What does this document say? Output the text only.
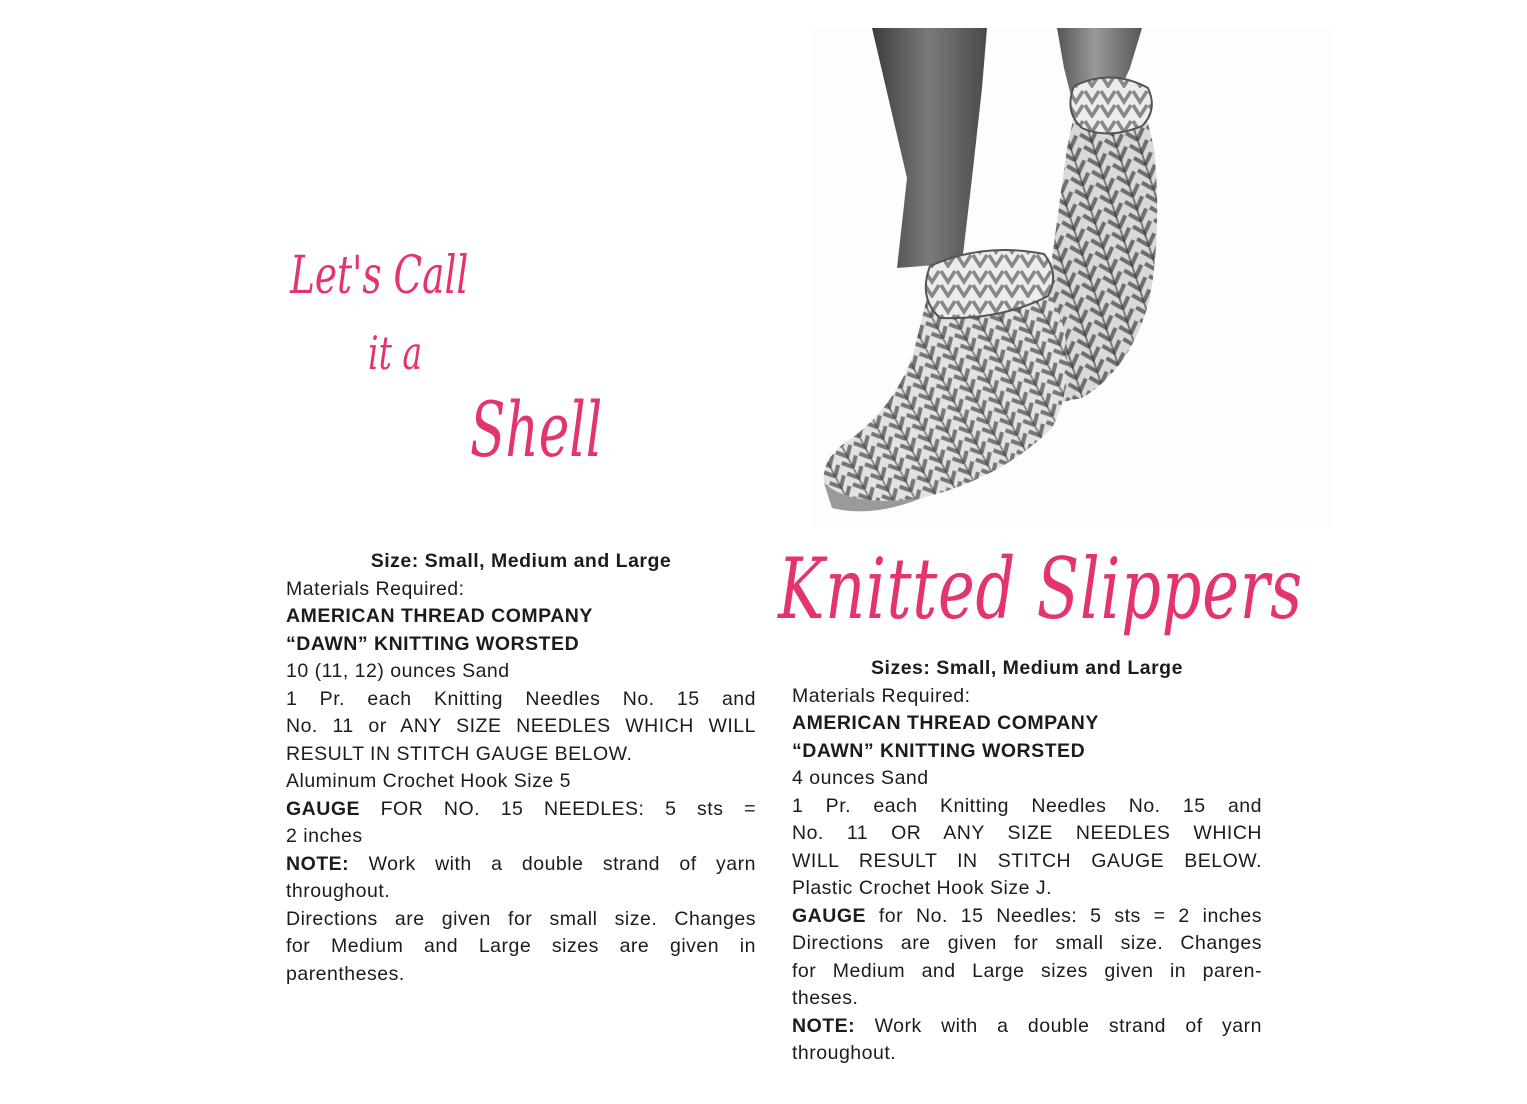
Let's Call
it a
Shell
Knitted Slippers
Size: Small, Medium and Large
Materials Required:
AMERICAN THREAD COMPANY
“DAWN” KNITTING WORSTED
10 (11, 12) ounces Sand
1 Pr. each Knitting Needles No. 15 and
No. 11 or ANY SIZE NEEDLES WHICH WILL
RESULT IN STITCH GAUGE BELOW.
Aluminum Crochet Hook Size 5
GAUGE FOR NO. 15 NEEDLES: 5 sts =
2 inches
NOTE: Work with a double strand of yarn
throughout.
Directions are given for small size. Changes
for Medium and Large sizes are given in
parentheses.
Sizes: Small, Medium and Large
Materials Required:
AMERICAN THREAD COMPANY
“DAWN” KNITTING WORSTED
4 ounces Sand
1 Pr. each Knitting Needles No. 15 and
No. 11 OR ANY SIZE NEEDLES WHICH
WILL RESULT IN STITCH GAUGE BELOW.
Plastic Crochet Hook Size J.
GAUGE for No. 15 Needles: 5 sts = 2 inches
Directions are given for small size. Changes
for Medium and Large sizes given in paren-
theses.
NOTE: Work with a double strand of yarn
throughout.
